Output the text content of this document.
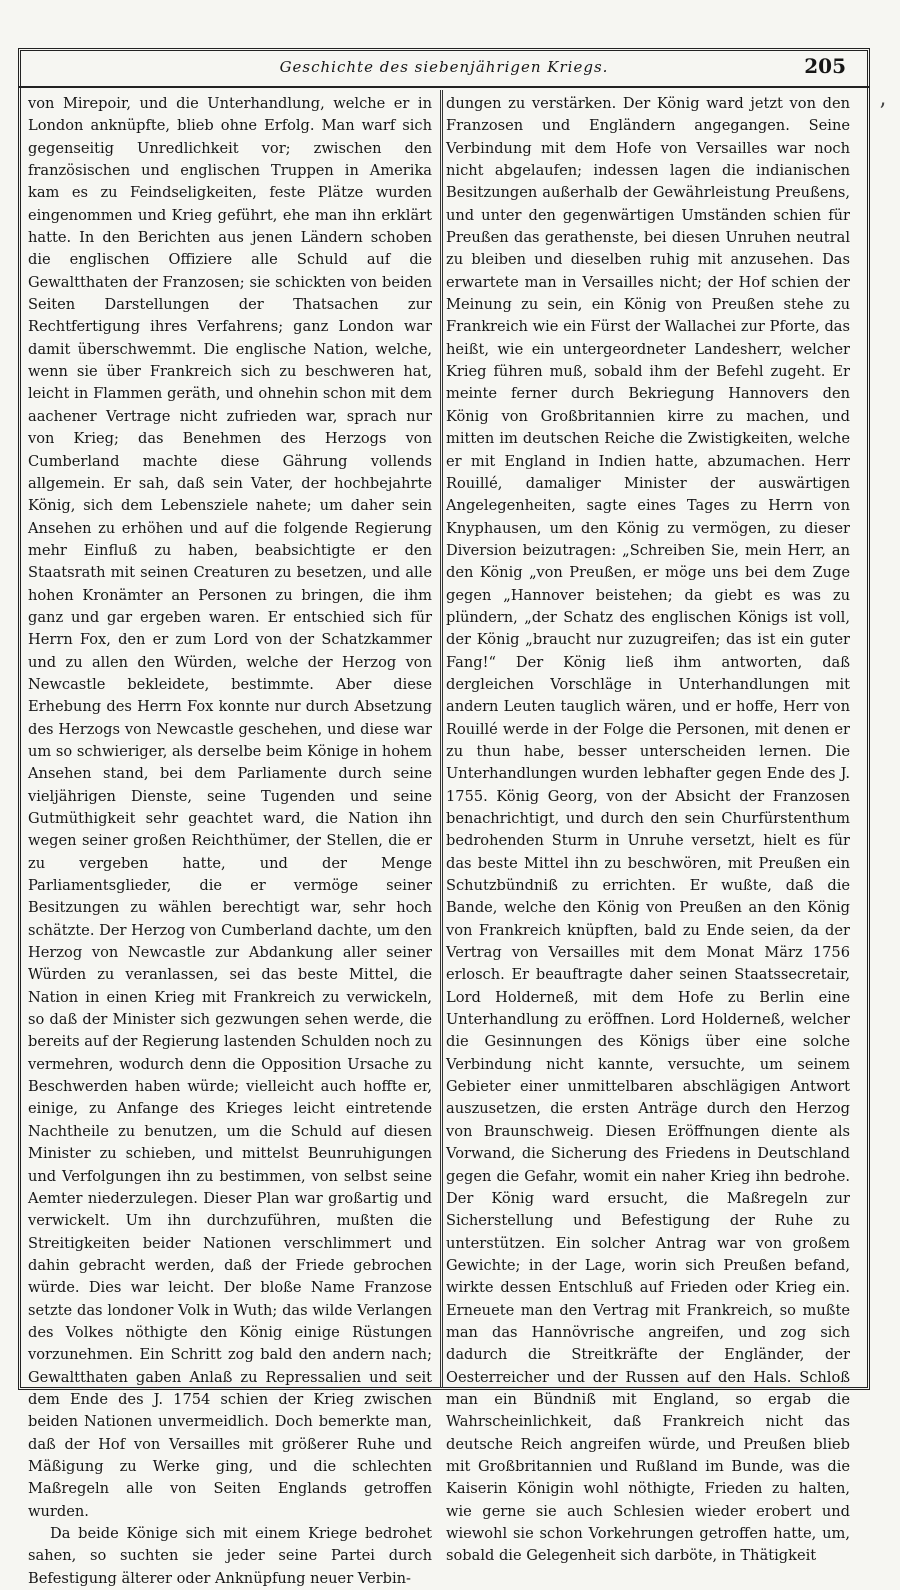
Geschichte des siebenjährigen Kriegs.	205
’

von Mirepoir, und die Unterhandlung, welche er in London anknüpfte, blieb ohne Erfolg. Man warf sich gegenseitig Unredlichkeit vor; zwischen den französischen und englischen Truppen in Amerika kam es zu Feindseligkeiten, feste Plätze wurden eingenommen und Krieg geführt, ehe man ihn erklärt hatte. In den Berichten aus jenen Ländern schoben die englischen Offiziere alle Schuld auf die Gewaltthaten der Franzosen; sie schickten von beiden Seiten Darstellungen der Thatsachen zur Rechtfertigung ihres Verfahrens; ganz London war damit überschwemmt. Die englische Nation, welche, wenn sie über Frankreich sich zu beschweren hat, leicht in Flammen geräth, und ohnehin schon mit dem aachener Vertrage nicht zufrieden war, sprach nur von Krieg; das Benehmen des Herzogs von Cumberland machte diese Gährung vollends allgemein. Er sah, daß sein Vater, der hochbejahrte König, sich dem Lebensziele nahete; um daher sein Ansehen zu erhöhen und auf die folgende Regierung mehr Einfluß zu haben, beabsichtigte er den Staatsrath mit seinen Creaturen zu besetzen, und alle hohen Kronämter an Personen zu bringen, die ihm ganz und gar ergeben waren. Er entschied sich für Herrn Fox, den er zum Lord von der Schatzkammer und zu allen den Würden, welche der Herzog von Newcastle bekleidete, bestimmte. Aber diese Erhebung des Herrn Fox konnte nur durch Absetzung des Herzogs von Newcastle geschehen, und diese war um so schwieriger, als derselbe beim Könige in hohem Ansehen stand, bei dem Parliamente durch seine vieljährigen Dienste, seine Tugenden und seine Gutmüthigkeit sehr geachtet ward, die Nation ihn wegen seiner großen Reichthümer, der Stellen, die er zu vergeben hatte, und der Menge Parliamentsglieder, die er vermöge seiner Besitzungen zu wählen berechtigt war, sehr hoch schätzte. Der Herzog von Cumberland dachte, um den Herzog von Newcastle zur Abdankung aller seiner Würden zu veranlassen, sei das beste Mittel, die Nation in einen Krieg mit Frankreich zu verwickeln, so daß der Minister sich gezwungen sehen werde, die bereits auf der Regierung lastenden Schulden noch zu vermehren, wodurch denn die Opposition Ursache zu Beschwerden haben würde; vielleicht auch hoffte er, einige, zu Anfange des Krieges leicht eintretende Nachtheile zu benutzen, um die Schuld auf diesen Minister zu schieben, und mittelst Beunruhigungen und Verfolgungen ihn zu bestimmen, von selbst seine Aemter niederzulegen. Dieser Plan war großartig und verwickelt. Um ihn durchzuführen, mußten die Streitigkeiten beider Nationen verschlimmert und dahin gebracht werden, daß der Friede gebrochen würde. Dies war leicht. Der bloße Name Franzose setzte das londoner Volk in Wuth; das wilde Verlangen des Volkes nöthigte den König einige Rüstungen vorzunehmen. Ein Schritt zog bald den andern nach; Gewaltthaten gaben Anlaß zu Repressalien und seit dem Ende des J. 1754 schien der Krieg zwischen beiden Nationen unvermeidlich. Doch bemerkte man, daß der Hof von Versailles mit größerer Ruhe und Mäßigung zu Werke ging, und die schlechten Maßregeln alle von Seiten Englands getroffen wurden.

Da beide Könige sich mit einem Kriege bedrohet sahen, so suchten sie jeder seine Partei durch Befestigung älterer oder Anknüpfung neuer Verbin-

dungen zu verstärken. Der König ward jetzt von den Franzosen und Engländern angegangen. Seine Verbindung mit dem Hofe von Versailles war noch nicht abgelaufen; indessen lagen die indianischen Besitzungen außerhalb der Gewährleistung Preußens, und unter den gegenwärtigen Umständen schien für Preußen das gerathenste, bei diesen Unruhen neutral zu bleiben und dieselben ruhig mit anzusehen. Das erwartete man in Versailles nicht; der Hof schien der Meinung zu sein, ein König von Preußen stehe zu Frankreich wie ein Fürst der Wallachei zur Pforte, das heißt, wie ein untergeordneter Landesherr, welcher Krieg führen muß, sobald ihm der Befehl zugeht. Er meinte ferner durch Bekriegung Hannovers den König von Großbritannien kirre zu machen, und mitten im deutschen Reiche die Zwistigkeiten, welche er mit England in Indien hatte, abzumachen. Herr Rouillé, damaliger Minister der auswärtigen Angelegenheiten, sagte eines Tages zu Herrn von Knyphausen, um den König zu vermögen, zu dieser Diversion beizutragen: „Schreiben Sie, mein Herr, an den König „von Preußen, er möge uns bei dem Zuge gegen „Hannover beistehen; da giebt es was zu plündern, „der Schatz des englischen Königs ist voll, der König „braucht nur zuzugreifen; das ist ein guter Fang!“ Der König ließ ihm antworten, daß dergleichen Vorschläge in Unterhandlungen mit andern Leuten tauglich wären, und er hoffe, Herr von Rouillé werde in der Folge die Personen, mit denen er zu thun habe, besser unterscheiden lernen. Die Unterhandlungen wurden lebhafter gegen Ende des J. 1755. König Georg, von der Absicht der Franzosen benachrichtigt, und durch den sein Churfürstenthum bedrohenden Sturm in Unruhe versetzt, hielt es für das beste Mittel ihn zu beschwören, mit Preußen ein Schutzbündniß zu errichten. Er wußte, daß die Bande, welche den König von Preußen an den König von Frankreich knüpften, bald zu Ende seien, da der Vertrag von Versailles mit dem Monat März 1756 erlosch. Er beauftragte daher seinen Staatssecretair, Lord Holderneß, mit dem Hofe zu Berlin eine Unterhandlung zu eröffnen. Lord Holderneß, welcher die Gesinnungen des Königs über eine solche Verbindung nicht kannte, versuchte, um seinem Gebieter einer unmittelbaren abschlägigen Antwort auszusetzen, die ersten Anträge durch den Herzog von Braunschweig. Diesen Eröffnungen diente als Vorwand, die Sicherung des Friedens in Deutschland gegen die Gefahr, womit ein naher Krieg ihn bedrohe. Der König ward ersucht, die Maßregeln zur Sicherstellung und Befestigung der Ruhe zu unterstützen. Ein solcher Antrag war von großem Gewichte; in der Lage, worin sich Preußen befand, wirkte dessen Entschluß auf Frieden oder Krieg ein. Erneuete man den Vertrag mit Frankreich, so mußte man das Hannövrische angreifen, und zog sich dadurch die Streitkräfte der Engländer, der Oesterreicher und der Russen auf den Hals. Schloß man ein Bündniß mit England, so ergab die Wahrscheinlichkeit, daß Frankreich nicht das deutsche Reich angreifen würde, und Preußen blieb mit Großbritannien und Rußland im Bunde, was die Kaiserin Königin wohl nöthigte, Frieden zu halten, wie gerne sie auch Schlesien wieder erobert und wiewohl sie schon Vorkehrungen getroffen hatte, um, sobald die Gelegenheit sich darböte, in Thätigkeit
